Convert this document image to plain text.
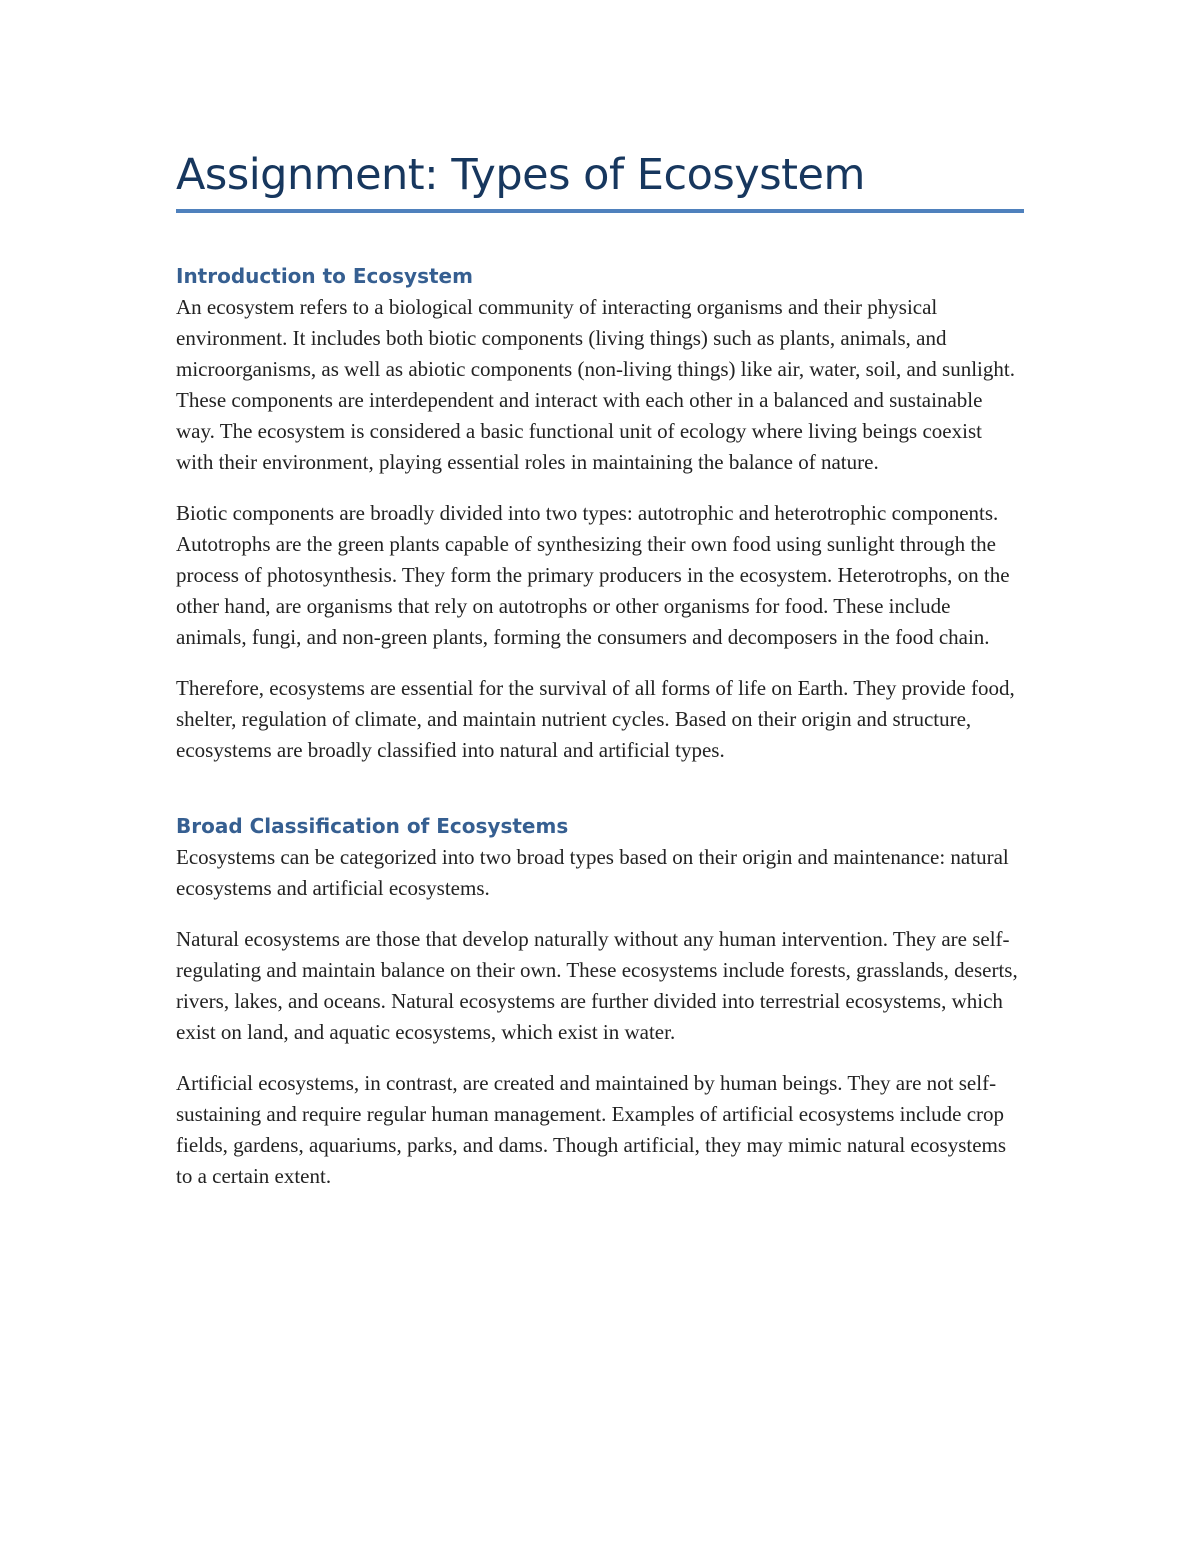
Assignment: Types of Ecosystem
Introduction to Ecosystem

An ecosystem refers to a biological community of interacting organisms and their physical environment. It includes both biotic components (living things) such as plants, animals, and microorganisms, as well as abiotic components (non-living things) like air, water, soil, and sunlight. These components are interdependent and interact with each other in a balanced and sustainable way. The ecosystem is considered a basic functional unit of ecology where living beings coexist with their environment, playing essential roles in maintaining the balance of nature.

Biotic components are broadly divided into two types: autotrophic and heterotrophic components. Autotrophs are the green plants capable of synthesizing their own food using sunlight through the process of photosynthesis. They form the primary producers in the ecosystem. Heterotrophs, on the other hand, are organisms that rely on autotrophs or other organisms for food. These include animals, fungi, and non-green plants, forming the consumers and decomposers in the food chain.

Therefore, ecosystems are essential for the survival of all forms of life on Earth. They provide food, shelter, regulation of climate, and maintain nutrient cycles. Based on their origin and structure, ecosystems are broadly classified into natural and artificial types.

Broad Classification of Ecosystems

Ecosystems can be categorized into two broad types based on their origin and maintenance: natural ecosystems and artificial ecosystems.

Natural ecosystems are those that develop naturally without any human intervention. They are self-regulating and maintain balance on their own. These ecosystems include forests, grasslands, deserts, rivers, lakes, and oceans. Natural ecosystems are further divided into terrestrial ecosystems, which exist on land, and aquatic ecosystems, which exist in water.

Artificial ecosystems, in contrast, are created and maintained by human beings. They are not self-sustaining and require regular human management. Examples of artificial ecosystems include crop fields, gardens, aquariums, parks, and dams. Though artificial, they may mimic natural ecosystems to a certain extent.
